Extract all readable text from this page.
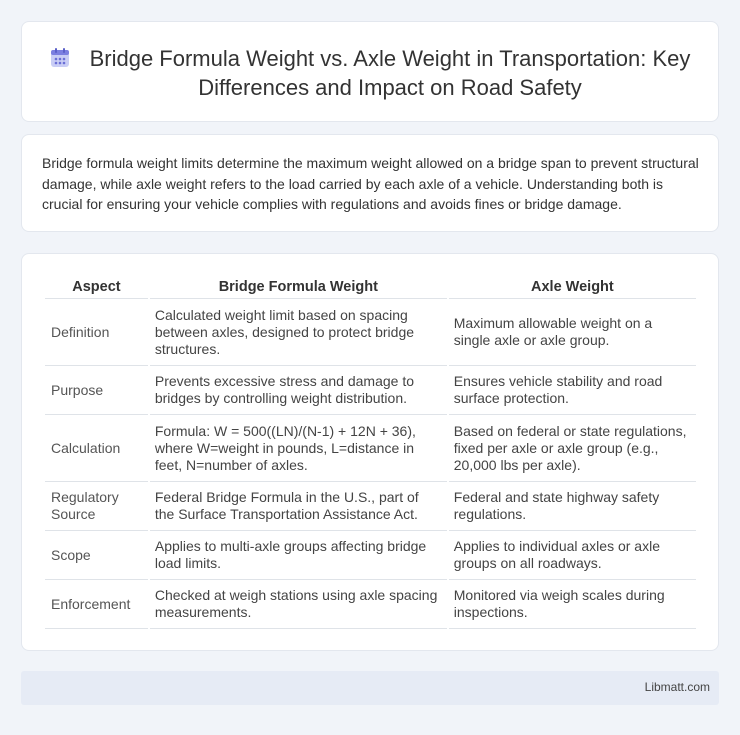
Bridge Formula Weight vs. Axle Weight in Transportation: Key Differences and Impact on Road Safety

Bridge formula weight limits determine the maximum weight allowed on a bridge span to prevent structural damage, while axle weight refers to the load carried by each axle of a vehicle. Understanding both is crucial for ensuring your vehicle complies with regulations and avoids fines or bridge damage.

Aspect	Bridge Formula Weight	Axle Weight
Definition	Calculated weight limit based on spacing between axles, designed to protect bridge structures.	Maximum allowable weight on a single axle or axle group.
Purpose	Prevents excessive stress and damage to bridges by controlling weight distribution.	Ensures vehicle stability and road surface protection.
Calculation	Formula: W = 500((LN)/(N-1) + 12N + 36), where W=weight in pounds, L=distance in feet, N=number of axles.	Based on federal or state regulations, fixed per axle or axle group (e.g., 20,000 lbs per axle).
Regulatory Source	Federal Bridge Formula in the U.S., part of the Surface Transportation Assistance Act.	Federal and state highway safety regulations.
Scope	Applies to multi-axle groups affecting bridge load limits.	Applies to individual axles or axle groups on all roadways.
Enforcement	Checked at weigh stations using axle spacing measurements.	Monitored via weigh scales during inspections.
Libmatt.com
